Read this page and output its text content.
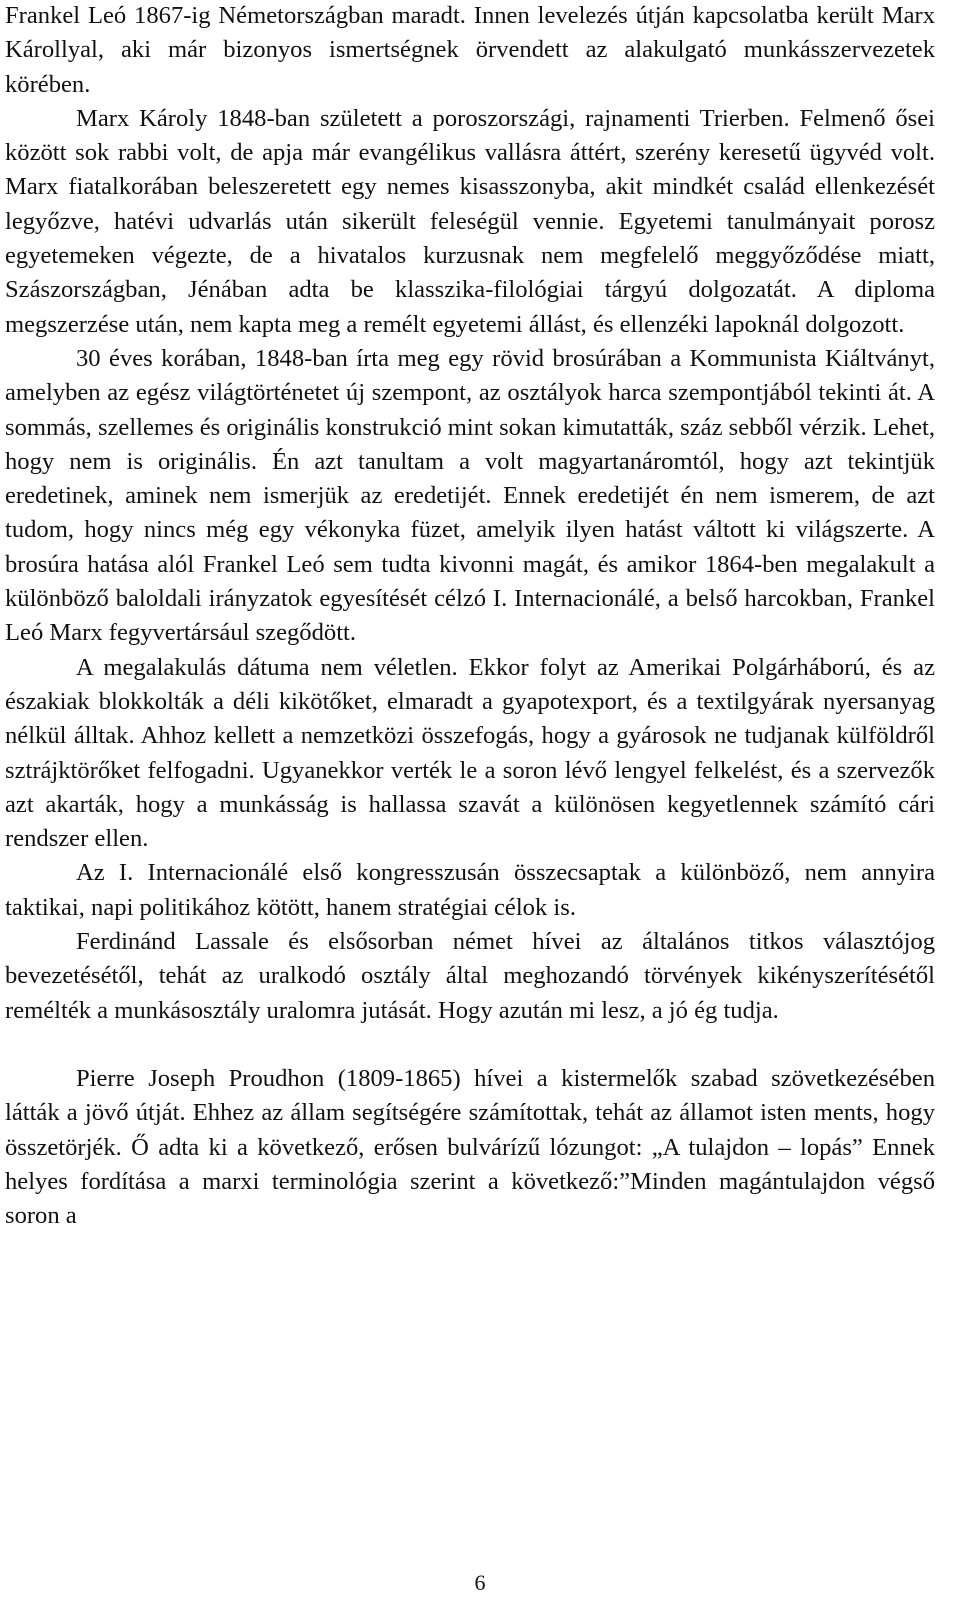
Frankel Leó 1867-ig Németországban maradt. Innen levelezés útján kapcsolatba került Marx Károllyal, aki már bizonyos ismertségnek örvendett az alakulgató munkásszervezetek körében.

Marx Károly 1848-ban született a poroszországi, rajnamenti Trierben. Felmenő ősei között sok rabbi volt, de apja már evangélikus vallásra áttért, szerény keresetű ügyvéd volt. Marx fiatalkorában beleszeretett egy nemes kisasszonyba, akit mindkét család ellenkezését legyőzve, hatévi udvarlás után sikerült feleségül vennie. Egyetemi tanulmányait porosz egyetemeken végezte, de a hivatalos kurzusnak nem megfelelő meggyőződése miatt, Szászországban, Jénában adta be klasszika-filológiai tárgyú dolgozatát. A diploma megszerzése után, nem kapta meg a remélt egyetemi állást, és ellenzéki lapoknál dolgozott.

30 éves korában, 1848-ban írta meg egy rövid brosúrában a Kommunista Kiáltványt, amelyben az egész világtörténetet új szempont, az osztályok harca szempontjából tekinti át. A sommás, szellemes és originális konstrukció mint sokan kimutatták, száz sebből vérzik. Lehet, hogy nem is originális. Én azt tanultam a volt magyartanáromtól, hogy azt tekintjük eredetinek, aminek nem ismerjük az eredetijét. Ennek eredetijét én nem ismerem, de azt tudom, hogy nincs még egy vékonyka füzet, amelyik ilyen hatást váltott ki világszerte. A brosúra hatása alól Frankel Leó sem tudta kivonni magát, és amikor 1864-ben megalakult a különböző baloldali irányzatok egyesítését célzó I. Internacionálé, a belső harcokban, Frankel Leó Marx fegyvertársául szegődött.

A megalakulás dátuma nem véletlen. Ekkor folyt az Amerikai Polgárháború, és az északiak blokkolták a déli kikötőket, elmaradt a gyapotexport, és a textilgyárak nyersanyag nélkül álltak. Ahhoz kellett a nemzetközi összefogás, hogy a gyárosok ne tudjanak külföldről sztrájktörőket felfogadni. Ugyanekkor verték le a soron lévő lengyel felkelést, és a szervezők azt akarták, hogy a munkásság is hallassa szavát a különösen kegyetlennek számító cári rendszer ellen.

Az I. Internacionálé első kongresszusán összecsaptak a különböző, nem annyira taktikai, napi politikához kötött, hanem stratégiai célok is.

Ferdinánd Lassale és elsősorban német hívei az általános titkos választójog bevezetésétől, tehát az uralkodó osztály által meghozandó törvények kikényszerítésétől remélték a munkásosztály uralomra jutását. Hogy azután mi lesz, a jó ég tudja.

Pierre Joseph Proudhon (1809-1865) hívei a kistermelők szabad szövetkezésében látták a jövő útját. Ehhez az állam segítségére számítottak, tehát az államot isten ments, hogy összetörjék. Ő adta ki a következő, erősen bulvárízű lózungot: „A tulajdon – lopás” Ennek helyes fordítása a marxi terminológia szerint a következő:”Minden magántulajdon végső soron a

6
